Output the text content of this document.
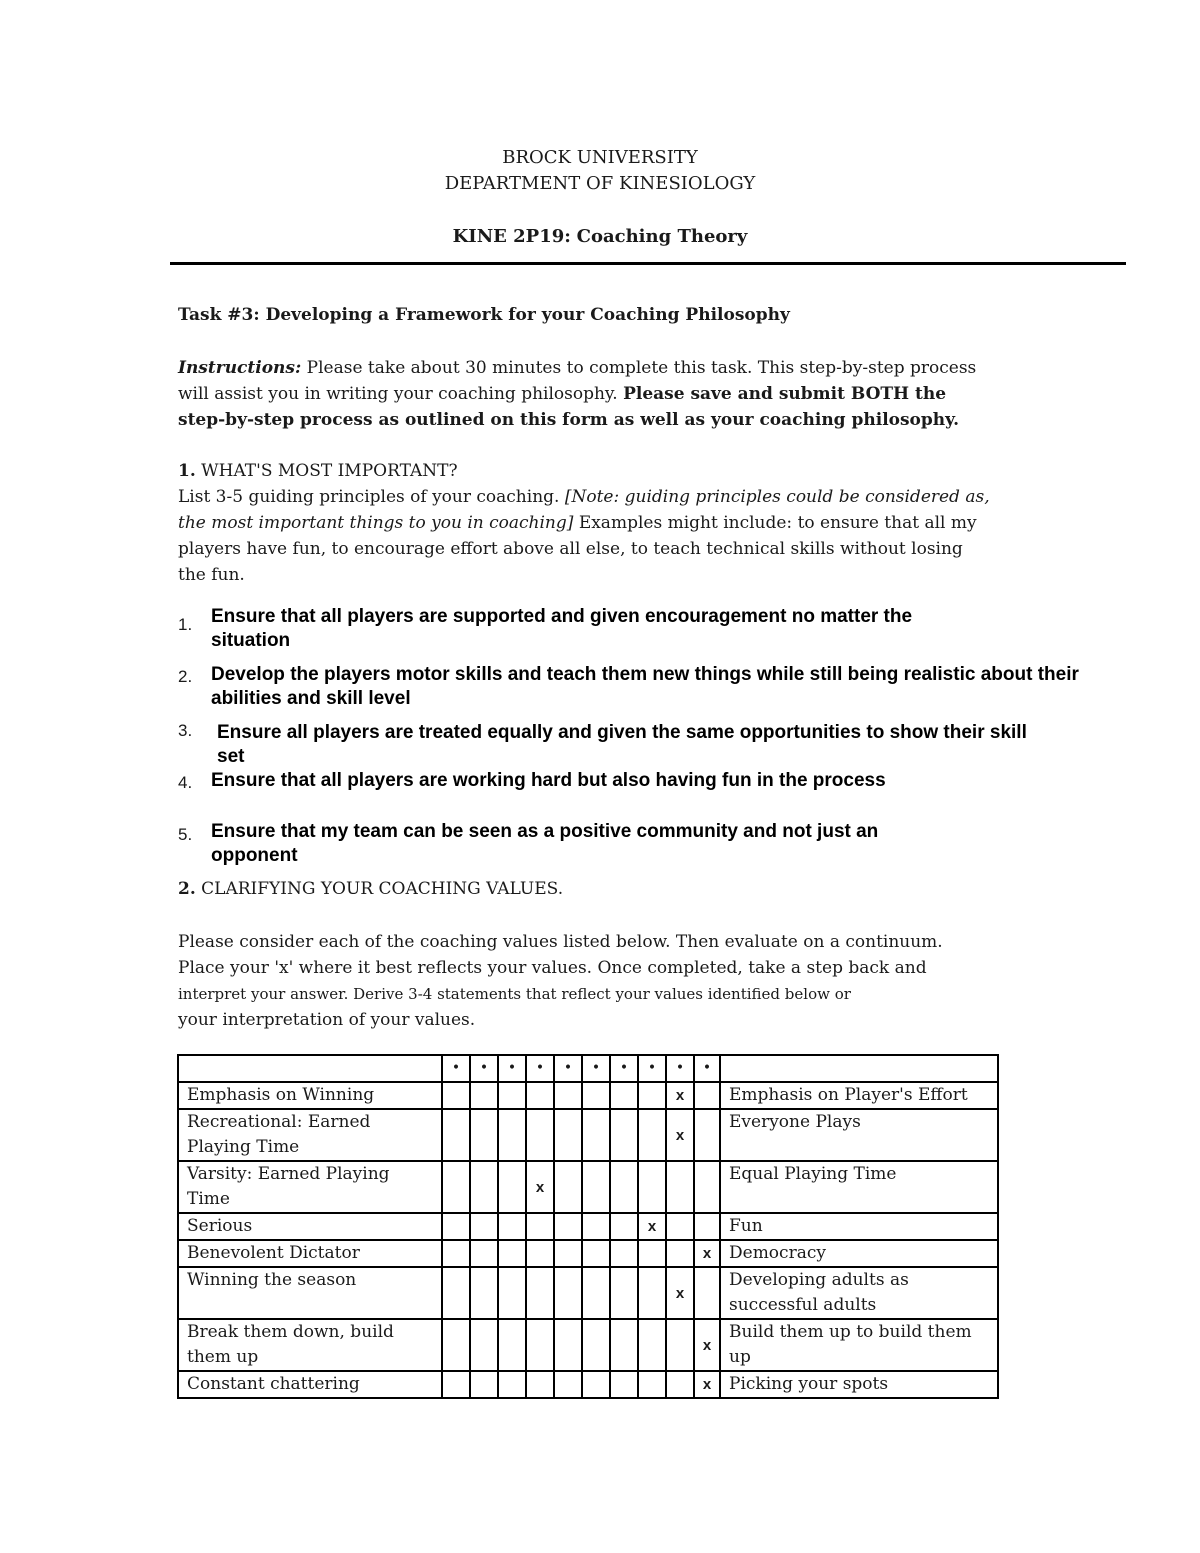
BROCK UNIVERSITY
DEPARTMENT OF KINESIOLOGY
KINE 2P19: Coaching Theory
Task #3: Developing a Framework for your Coaching Philosophy
Instructions: Please take about 30 minutes to complete this task. This step-by-step process
will assist you in writing your coaching philosophy. Please save and submit BOTH the
step-by-step process as outlined on this form as well as your coaching philosophy.
1. WHAT'S MOST IMPORTANT?
List 3-5 guiding principles of your coaching. [Note: guiding principles could be considered as,
the most important things to you in coaching] Examples might include: to ensure that all my
players have fun, to encourage effort above all else, to teach technical skills without losing
the fun.
1. Ensure that all players are supported and given encouragement no matter the
situation
2. Develop the players motor skills and teach them new things while still being realistic about their
abilities and skill level
3. Ensure all players are treated equally and given the same opportunities to show their skill
set
4. Ensure that all players are working hard but also having fun in the process
5. Ensure that my team can be seen as a positive community and not just an
opponent
2. CLARIFYING YOUR COACHING VALUES.
Please consider each of the coaching values listed below. Then evaluate on a continuum.
Place your 'x' where it best reflects your values. Once completed, take a step back and
interpret your answer. Derive 3-4 statements that reflect your values identified below or
your interpretation of your values.
	•	•	•	•	•	•	•	•	•	•	
Emphasis on Winning									x		Emphasis on Player's Effort
Recreational: Earned Playing Time									x		Everyone Plays
Varsity: Earned Playing Time				x							Equal Playing Time
Serious								x			Fun
Benevolent Dictator										x	Democracy
Winning the season									x		Developing adults as successful adults
Break them down, build them up										x	Build them up to build them up
Constant chattering										x	Picking your spots
